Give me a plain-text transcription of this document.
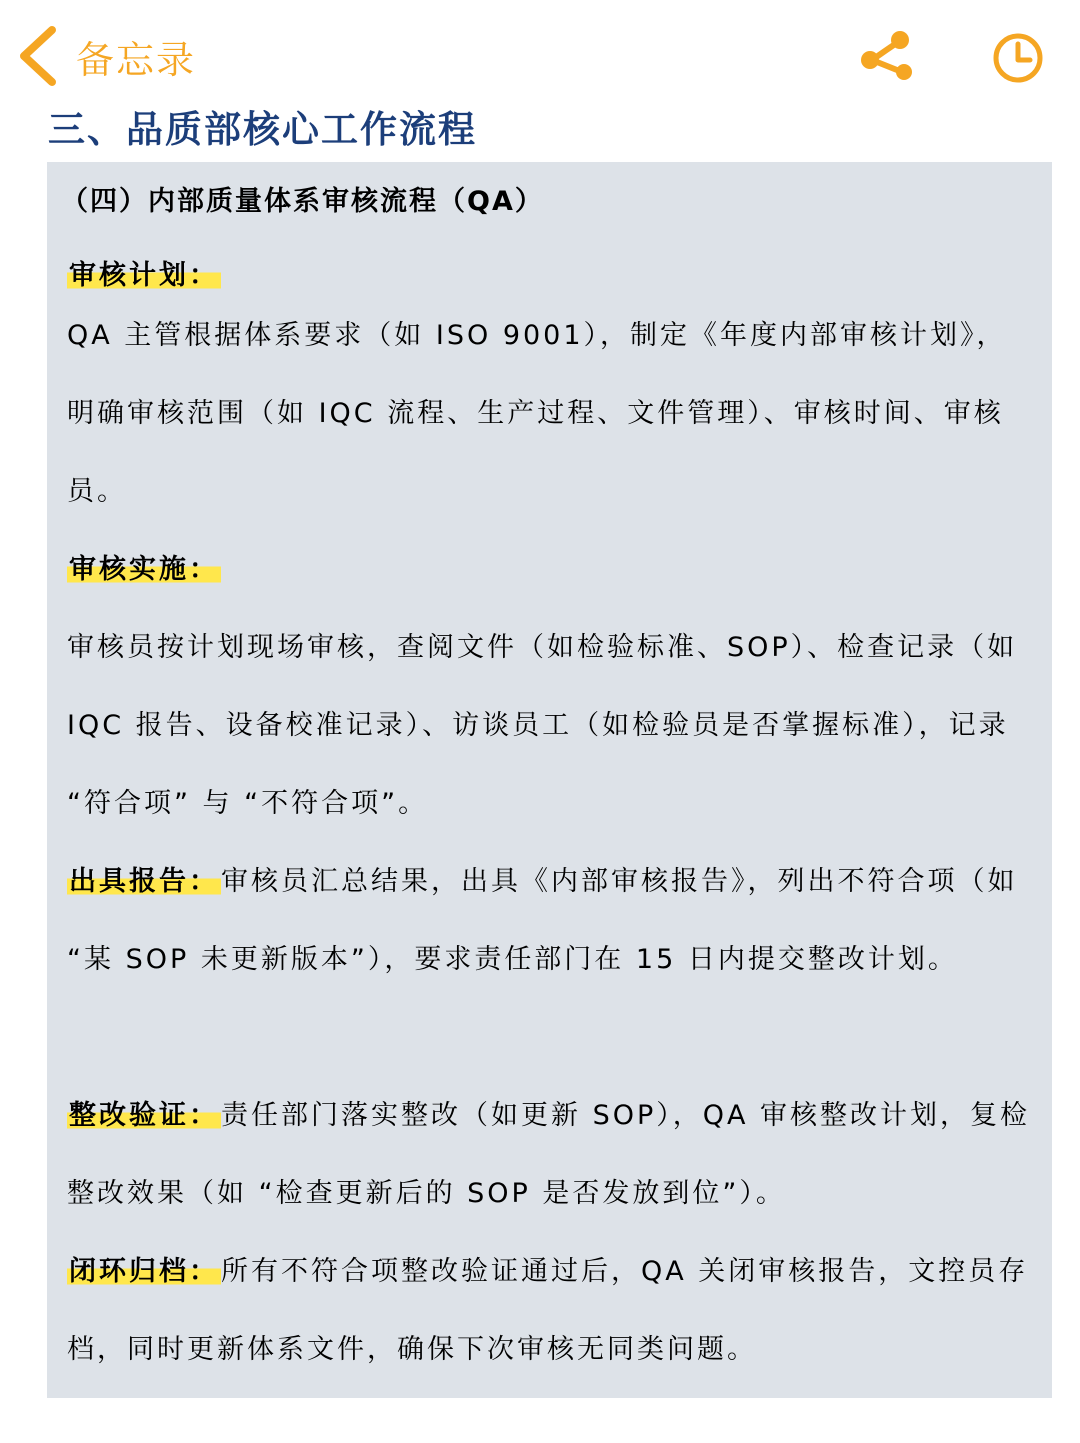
备忘录
三、品质部核心工作流程
（四）内部质量体系审核流程（QA）

审核计划：

QA 主管根据体系要求（如 ISO 9001），制定《年度内部审核计划》，明确审核范围（如 IQC 流程、生产过程、文件管理）、审核时间、审核员。

审核实施：

审核员按计划现场审核，查阅文件（如检验标准、SOP）、检查记录（如 IQC 报告、设备校准记录）、访谈员工（如检验员是否掌握标准），记录 “符合项” 与 “不符合项”。

出具报告：审核员汇总结果，出具《内部审核报告》，列出不符合项（如 “某 SOP 未更新版本”），要求责任部门在 15 日内提交整改计划。

整改验证：责任部门落实整改（如更新 SOP），QA 审核整改计划，复检整改效果（如 “检查更新后的 SOP 是否发放到位”）。

闭环归档：所有不符合项整改验证通过后，QA 关闭审核报告，文控员存档，同时更新体系文件，确保下次审核无同类问题。
